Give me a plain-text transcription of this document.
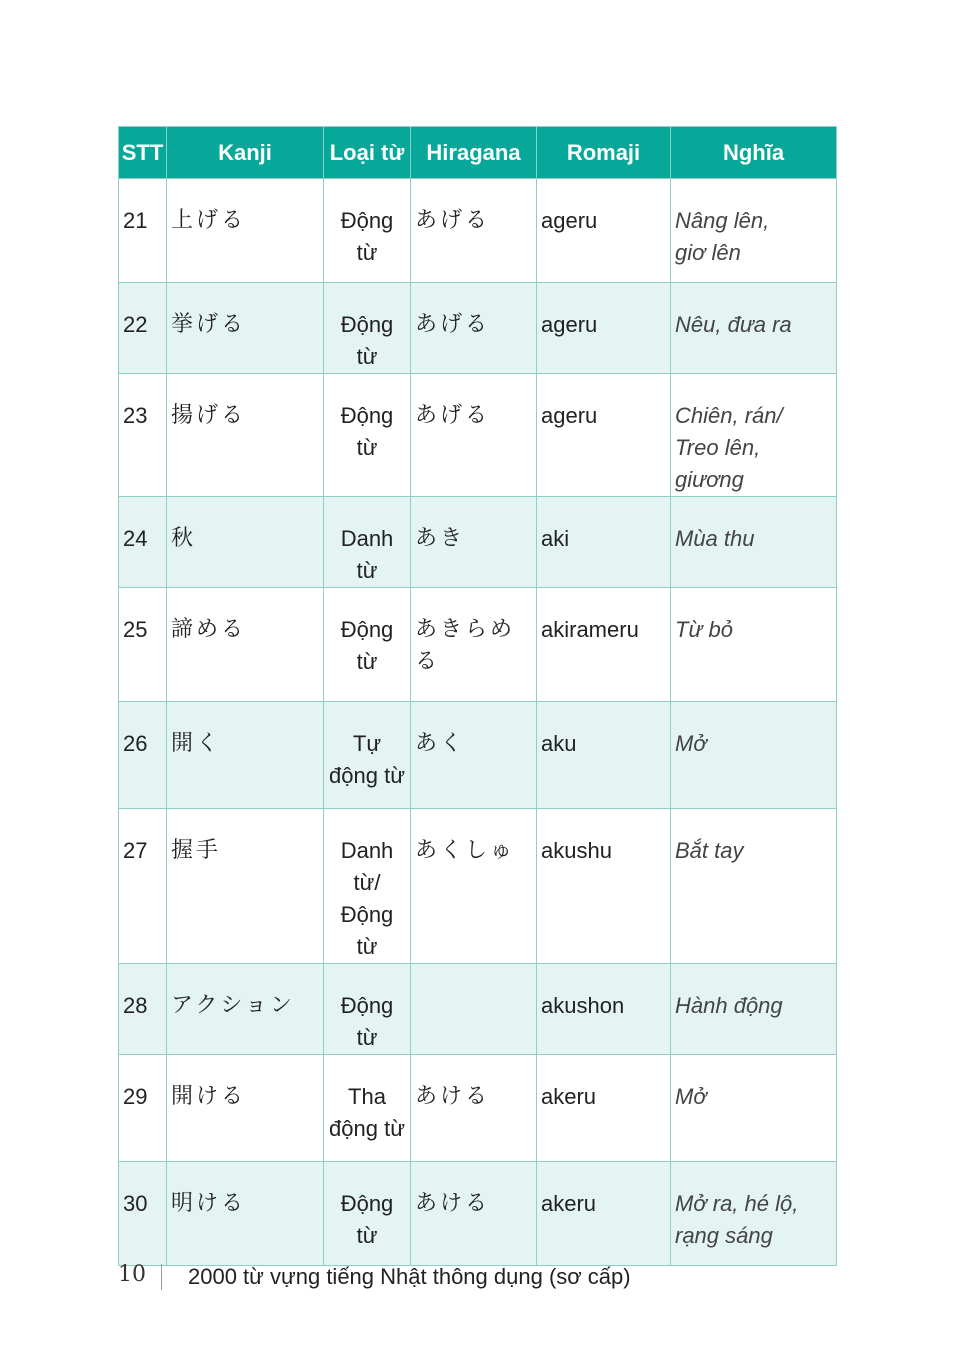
STT	Kanji	Loại từ	Hiragana	Romaji	Nghĩa
21	上げる	Động từ	あげる	ageru	Nâng lên,
giơ lên
22	挙げる	Động từ	あげる	ageru	Nêu, đưa ra
23	揚げる	Động từ	あげる	ageru	Chiên, rán/
Treo lên, giương
24	秋	Danh từ	あき	aki	Mùa thu
25	諦める	Động từ	あきらめる	akirameru	Từ bỏ
26	開く	Tự động từ	あく	aku	Mở
27	握手	Danh từ/Động từ	あくしゅ	akushu	Bắt tay
28	アクション	Động từ		akushon	Hành động
29	開ける	Tha động từ	あける	akeru	Mở
30	明ける	Động từ	あける	akeru	Mở ra, hé lộ,
rạng sáng
10 2000 từ vựng tiếng Nhật thông dụng (sơ cấp)
